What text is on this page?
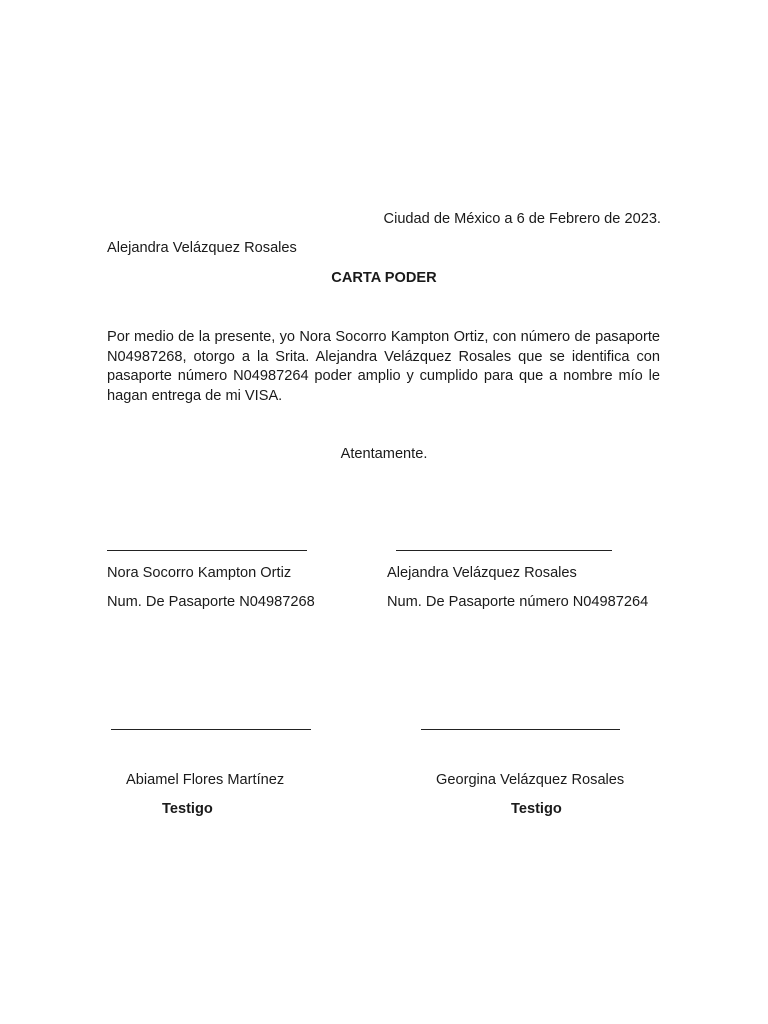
Ciudad de México a 6 de Febrero de 2023.
Alejandra Velázquez Rosales
CARTA PODER
Por medio de la presente, yo Nora Socorro Kampton Ortiz, con número de pasaporte N04987268, otorgo a la Srita. Alejandra Velázquez Rosales que se identifica con pasaporte número N04987264 poder amplio y cumplido para que a nombre mío le hagan entrega de mi VISA.
Atentamente.
Nora Socorro Kampton Ortiz
Num. De Pasaporte N04987268
Alejandra Velázquez Rosales
Num. De Pasaporte número N04987264
Abiamel Flores Martínez	Georgina Velázquez Rosales
Testigo	Testigo
